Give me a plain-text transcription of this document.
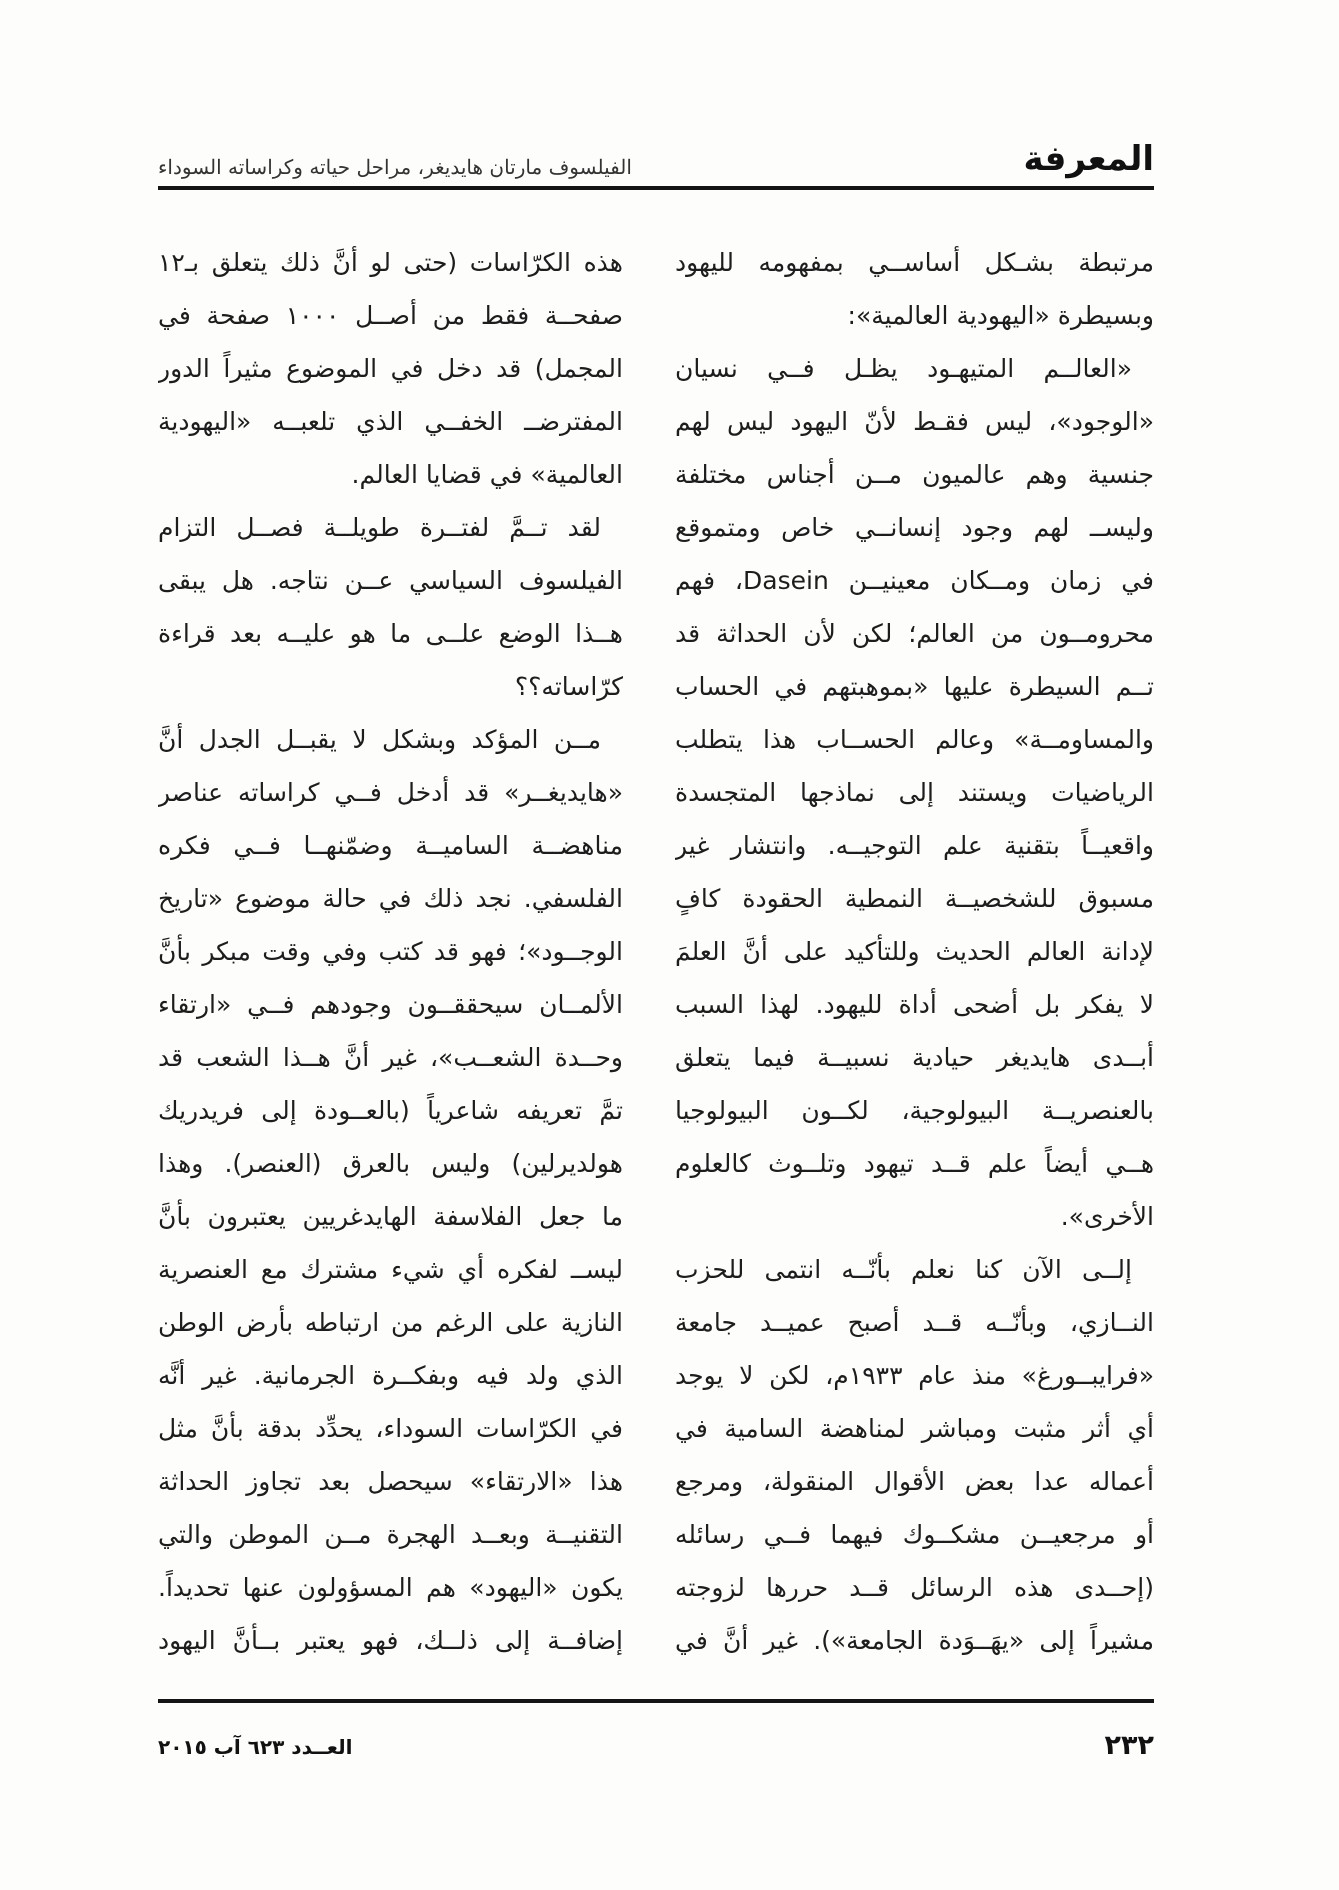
المعرفة
الفيلسوف مارتان هايديغر، مراحل حياته وكراساته السوداء
مرتبطة بشـكل أساســي بمفهومه لليهود
وبسيطرة «اليهودية العالمية»:
«العالــم المتيهـود يظـل فــي نسيان
«الوجود»، ليس فقـط لأنّ اليهود ليس لهم
جنسية وهم عالميون مــن أجناس مختلفة
وليســ لهم وجود إنسانــي خاص ومتموقع
في زمان ومــكان معينيــن Dasein، فهم
محرومــون من العالم؛ لكن لأن الحداثة قد
تــم السيطرة عليها «بموهبتهم في الحساب
والمساومــة» وعالم الحســاب هذا يتطلب
الرياضيات ويستند إلى نماذجها المتجسدة
واقعيــاً بتقنية علم التوجيــه. وانتشار غير
مسبوق للشخصيــة النمطية الحقودة كافٍ
لإدانة العالم الحديث وللتأكيد على أنَّ العلمَ
لا يفكر بل أضحى أداة لليهود. لهذا السبب
أبــدى هايديغر حيادية نسبيــة فيما يتعلق
بالعنصريــة البيولوجية، لكــون البيولوجيا
هــي أيضاً علم قــد تيهود وتلــوث كالعلوم
الأخرى».
إلــى الآن كنا نعلم بأنّــه انتمى للحزب
النــازي، وبأنّــه قــد أصبح عميــد جامعة
«فرايبــورغ» منذ عام ١٩٣٣م، لكن لا يوجد
أي أثر مثبت ومباشر لمناهضة السامية في
أعماله عدا بعض الأقوال المنقولة، ومرجع
أو مرجعيــن مشكــوك فيهما فــي رسائله
(إحــدى هذه الرسائل قــد حررها لزوجته
مشيراً إلى «يهَــوَدة الجامعة»). غير أنَّ في
هذه الكرّاسات (حتى لو أنَّ ذلك يتعلق بـ١٢
صفحــة فقط من أصــل ١٠٠٠ صفحة في
المجمل) قد دخل في الموضوع مثيراً الدور
المفترضــ الخفــي الذي تلعبــه «اليهودية
العالمية» في قضايا العالم.
لقد تــمَّ لفتــرة طويلــة فصــل التزام
الفيلسوف السياسي عــن نتاجه. هل يبقى
هــذا الوضع علــى ما هو عليــه بعد قراءة
كرّاساته؟؟
مــن المؤكد وبشكل لا يقبــل الجدل أنَّ
«هايديغــر» قد أدخل فــي كراساته عناصر
مناهضــة الساميــة وضمّنهــا فــي فكره
الفلسفي. نجد ذلك في حالة موضوع «تاريخ
الوجــود»؛ فهو قد كتب وفي وقت مبكر بأنَّ
الألمــان سيحققــون وجودهم فــي «ارتقاء
وحــدة الشعــب»، غير أنَّ هــذا الشعب قد
تمَّ تعريفه شاعرياً (بالعــودة إلى فريدريك
هولديرلين) وليس بالعرق (العنصر). وهذا
ما جعل الفلاسفة الهايدغريين يعتبرون بأنَّ
ليســ لفكره أي شيء مشترك مع العنصرية
النازية على الرغم من ارتباطه بأرض الوطن
الذي ولد فيه وبفكــرة الجرمانية. غير أنَّه
في الكرّاسات السوداء، يحدِّد بدقة بأنَّ مثل
هذا «الارتقاء» سيحصل بعد تجاوز الحداثة
التقنيــة وبعــد الهجرة مــن الموطن والتي
يكون «اليهود» هم المسؤولون عنها تحديداً.
إضافــة إلى ذلــك، فهو يعتبر بــأنَّ اليهود
٢٣٢
العــدد ٦٢٣ آب ٢٠١٥
